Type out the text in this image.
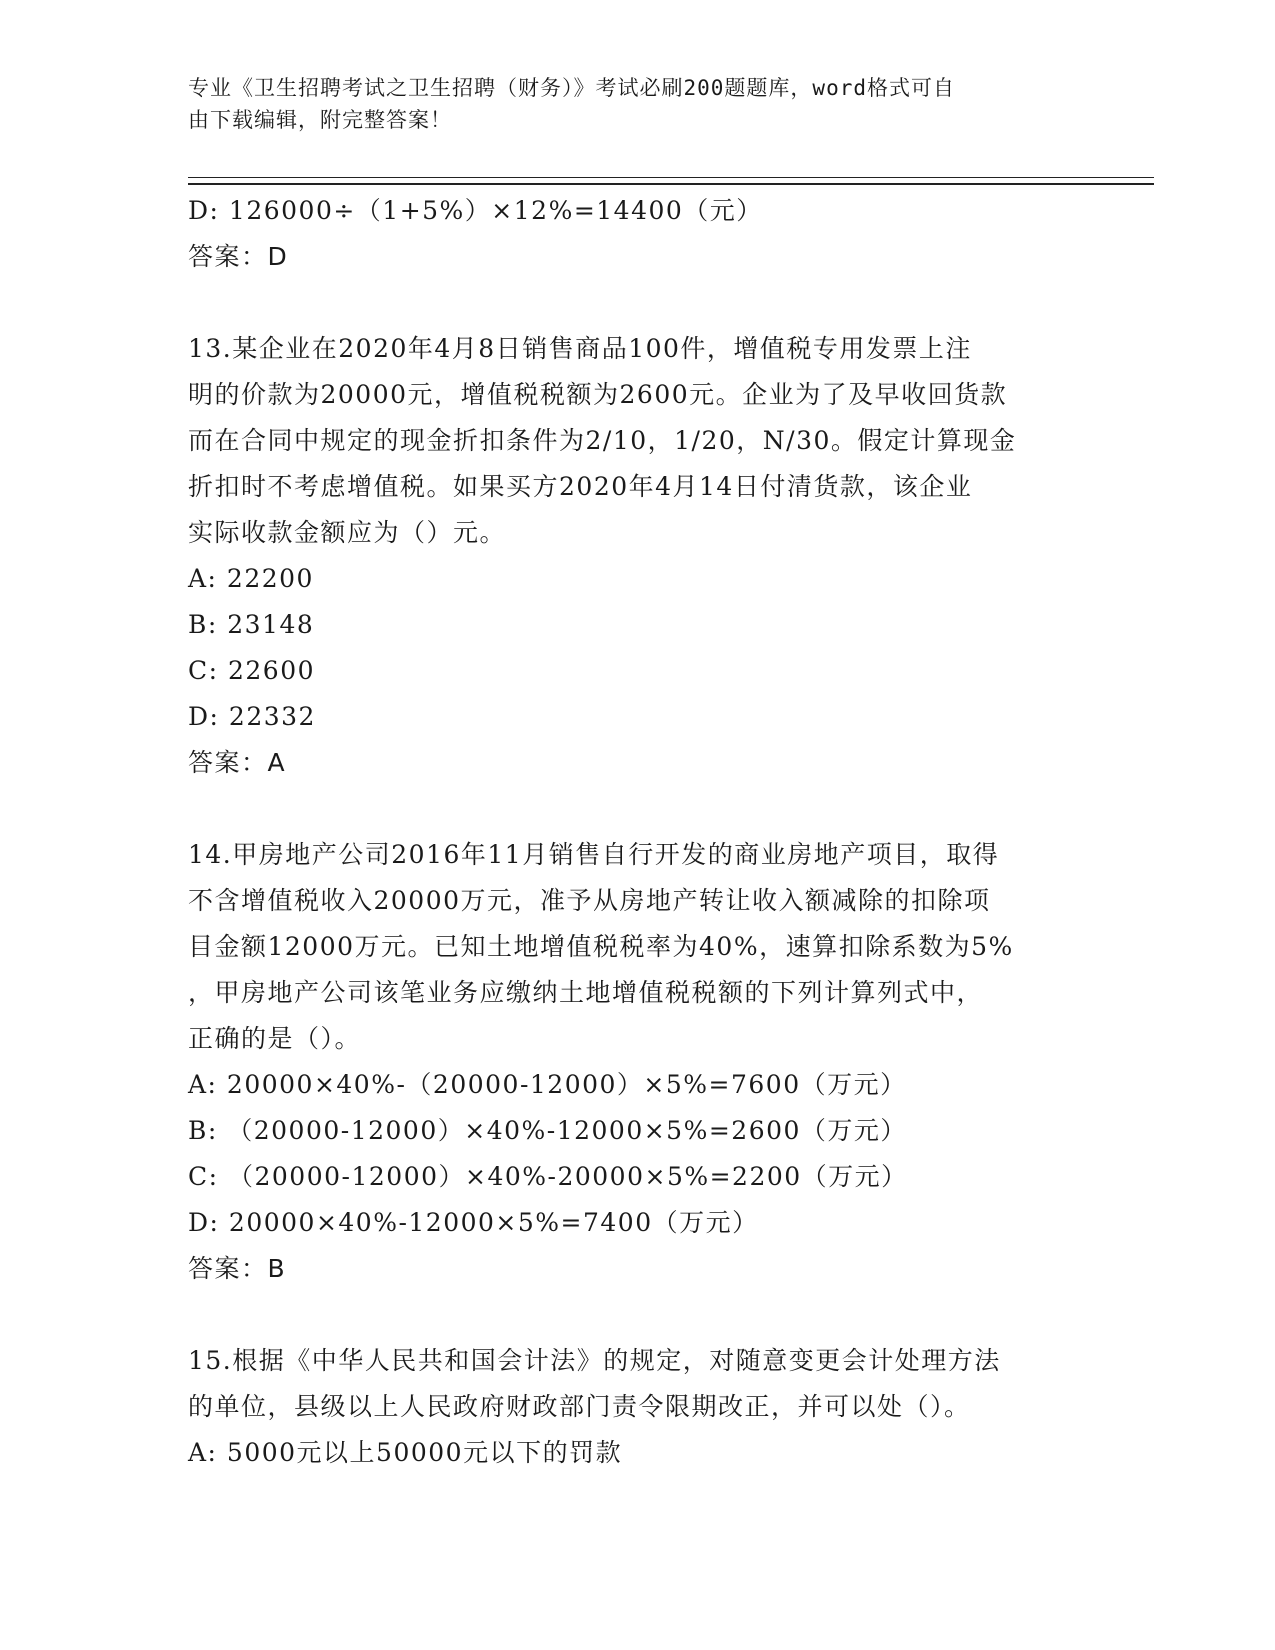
专业《卫生招聘考试之卫生招聘（财务）》考试必刷200题题库，word格式可自
由下载编辑，附完整答案！
D: 126000÷（1+5%）×12%=14400（元）
答案：D
13.某企业在2020年4月8日销售商品100件，增值税专用发票上注
明的价款为20000元，增值税税额为2600元。企业为了及早收回货款
而在合同中规定的现金折扣条件为2/10，1/20，N/30。假定计算现金
折扣时不考虑增值税。如果买方2020年4月14日付清货款，该企业
实际收款金额应为（）元。
A: 22200
B: 23148
C: 22600
D: 22332
答案：A
14.甲房地产公司2016年11月销售自行开发的商业房地产项目，取得
不含增值税收入20000万元，准予从房地产转让收入额减除的扣除项
目金额12000万元。已知土地增值税税率为40%，速算扣除系数为5%
，甲房地产公司该笔业务应缴纳土地增值税税额的下列计算列式中，
正确的是（）。
A: 20000×40%-（20000-12000）×5%=7600（万元）
B: （20000-12000）×40%-12000×5%=2600（万元）
C: （20000-12000）×40%-20000×5%=2200（万元）
D: 20000×40%-12000×5%=7400（万元）
答案：B
15.根据《中华人民共和国会计法》的规定，对随意变更会计处理方法
的单位，县级以上人民政府财政部门责令限期改正，并可以处（）。
A: 5000元以上50000元以下的罚款
